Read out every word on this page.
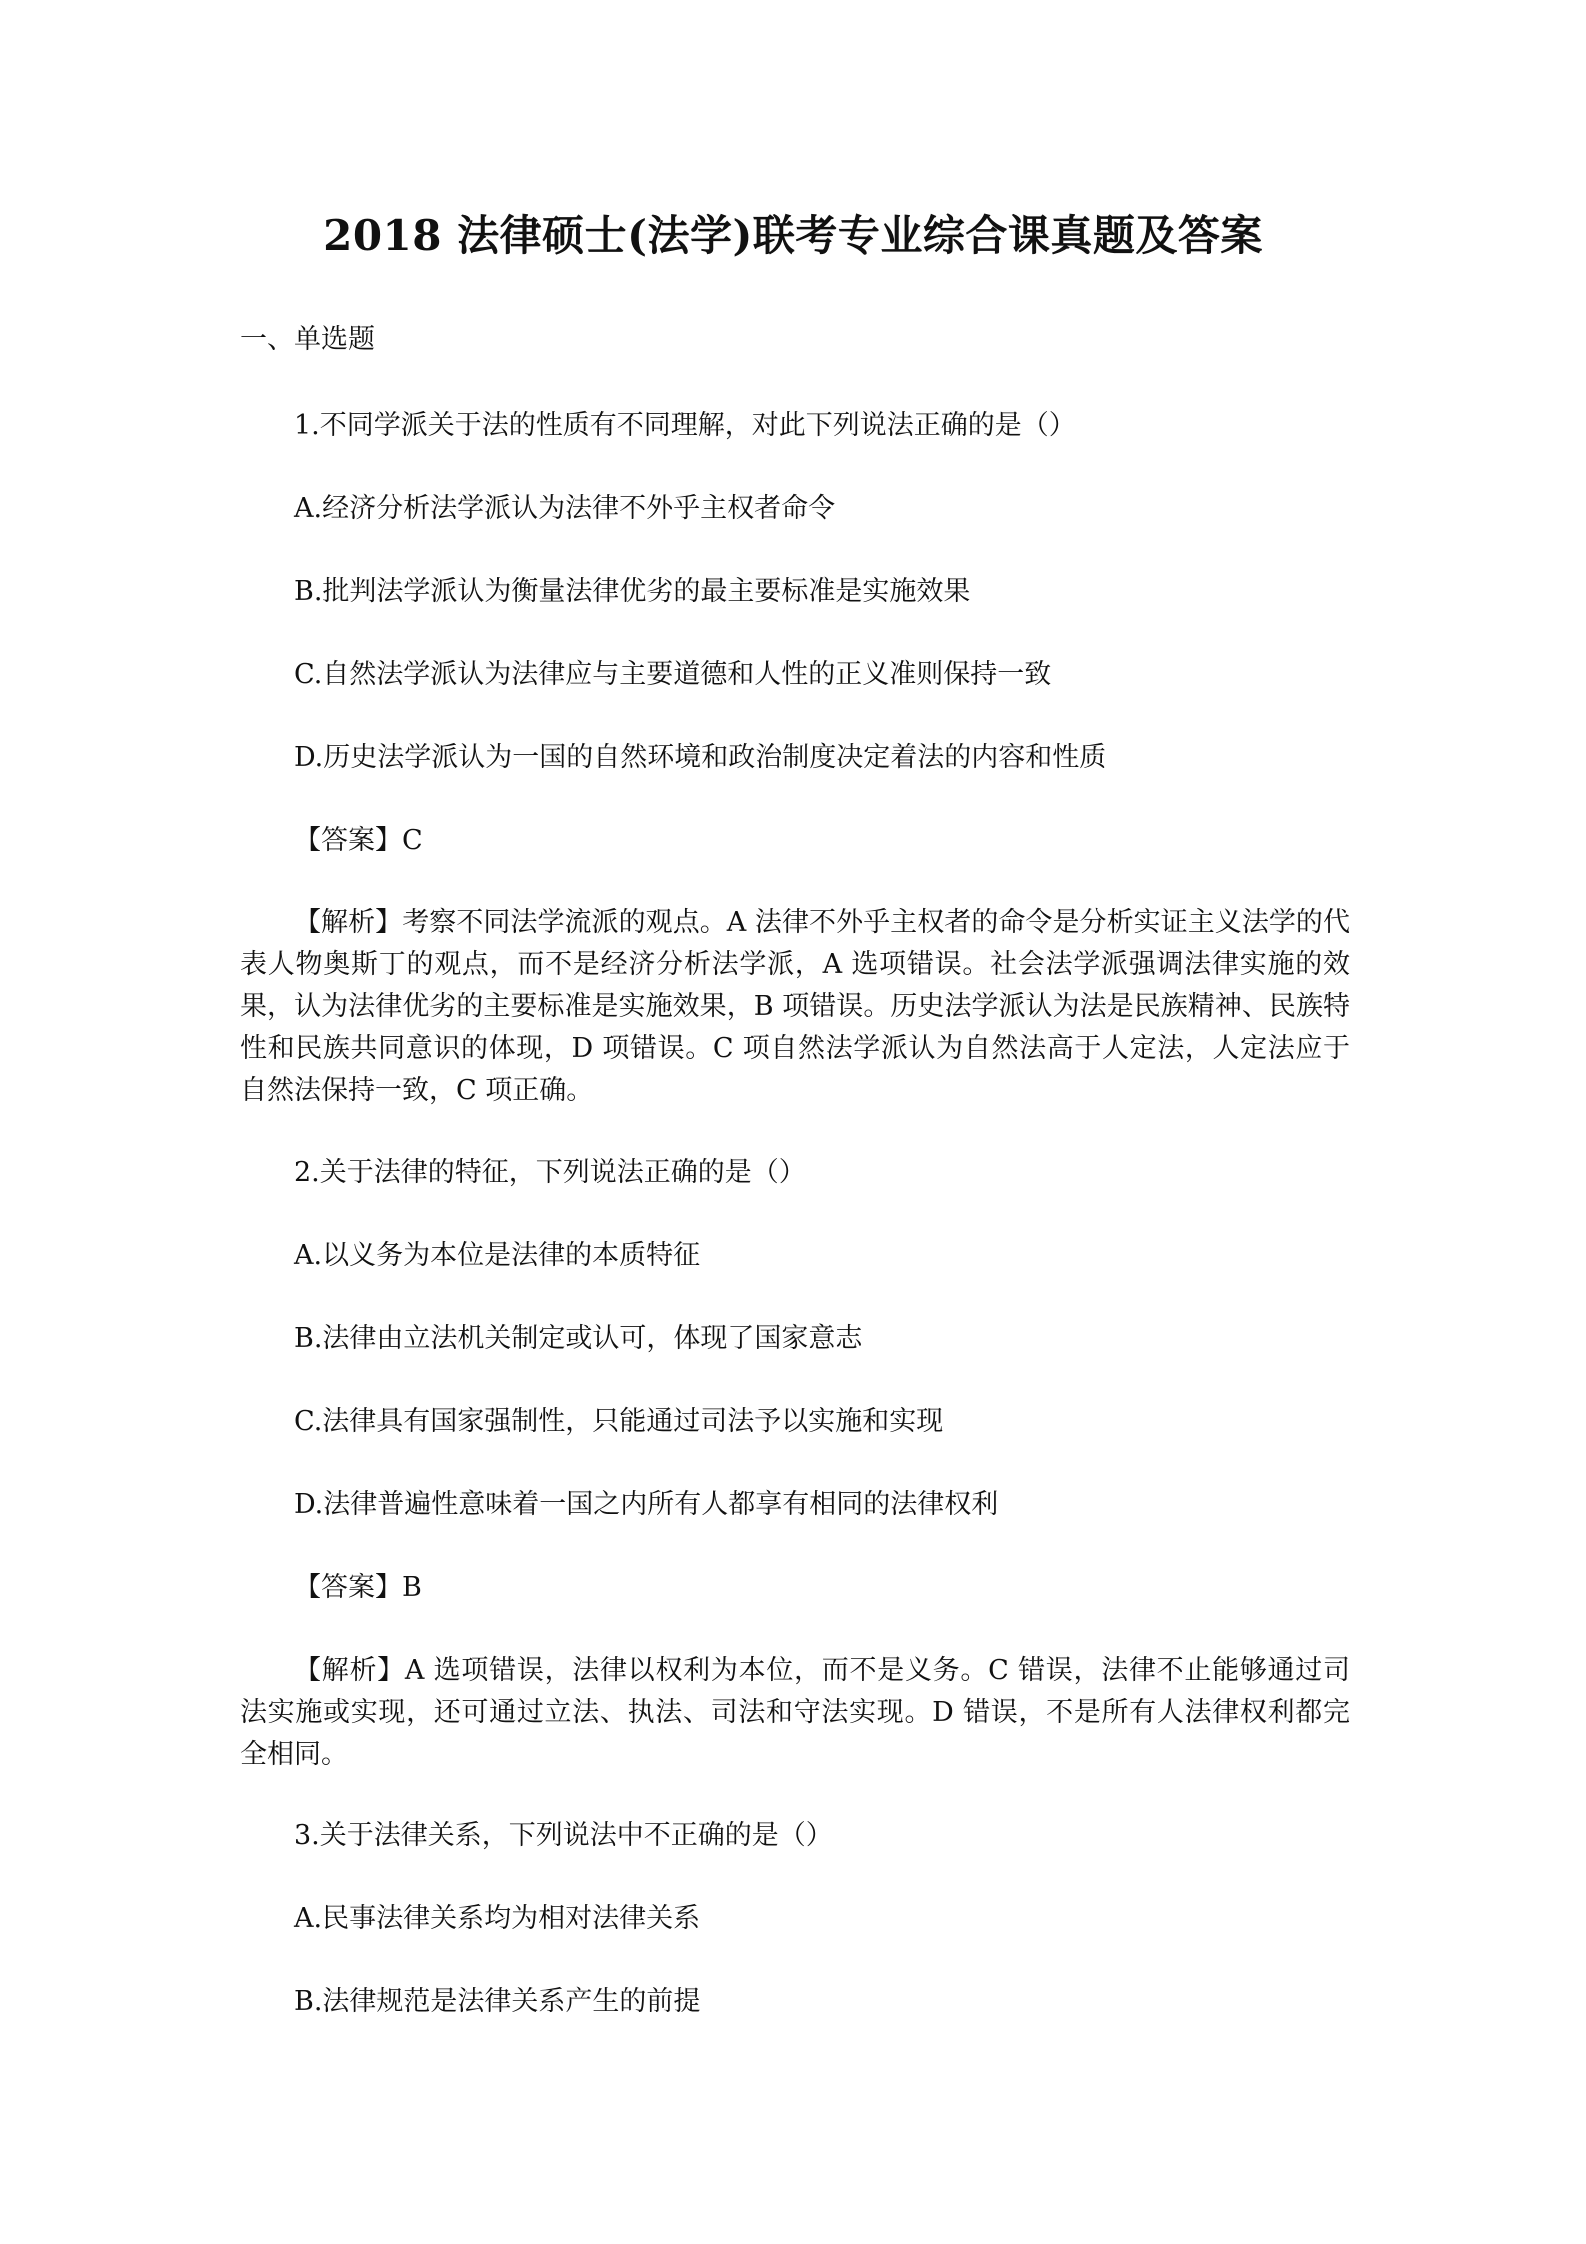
2018 法律硕士(法学)联考专业综合课真题及答案
一、单选题

1.不同学派关于法的性质有不同理解，对此下列说法正确的是（）

A.经济分析法学派认为法律不外乎主权者命令

B.批判法学派认为衡量法律优劣的最主要标准是实施效果

C.自然法学派认为法律应与主要道德和人性的正义准则保持一致

D.历史法学派认为一国的自然环境和政治制度决定着法的内容和性质

【答案】C

【解析】考察不同法学流派的观点。A 法律不外乎主权者的命令是分析实证主义法学的代表人物奥斯丁的观点，而不是经济分析法学派，A 选项错误。社会法学派强调法律实施的效果，认为法律优劣的主要标准是实施效果，B 项错误。历史法学派认为法是民族精神、民族特性和民族共同意识的体现，D 项错误。C 项自然法学派认为自然法高于人定法，人定法应于自然法保持一致，C 项正确。

2.关于法律的特征，下列说法正确的是（）

A.以义务为本位是法律的本质特征

B.法律由立法机关制定或认可，体现了国家意志

C.法律具有国家强制性，只能通过司法予以实施和实现

D.法律普遍性意味着一国之内所有人都享有相同的法律权利

【答案】B

【解析】A 选项错误，法律以权利为本位，而不是义务。C 错误，法律不止能够通过司法实施或实现，还可通过立法、执法、司法和守法实现。D 错误，不是所有人法律权利都完全相同。

3.关于法律关系，下列说法中不正确的是（）

A.民事法律关系均为相对法律关系

B.法律规范是法律关系产生的前提
